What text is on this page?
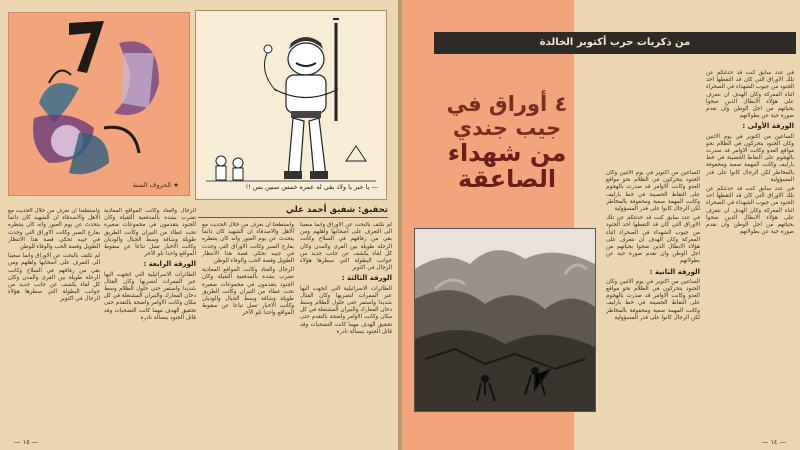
★ الحروف الستة	— يا خبر يا ولاد بقى له عمره خمس سنين بس !!
تحقيق: شفيق أحمد علي

لم نكتف بالبحث عن الاوراق وانما سعينا الى التعرف على اصحابها واهلهم ومن بقي من رفاقهم في السلاح وكانت الرحلة طويلة بين القرى والمدن وكان كل لقاء يكشف عن جانب جديد من جوانب البطولة التي سطرها هؤلاء الرجال في اكتوبر

الورقة الثالثة :

الطائرات الاسرائيلية التي اتجهت اليها عبر الممرات لتضربها وكان القتال شديدا واستمر حتى حلول الظلام وسط دخان المعارك والنيران المشتعلة في كل مكان وكانت الاوامر واضحة بالتقدم حتى تحقيق الهدف مهما كانت التضحيات وقد قاتل الجنود ببسالة نادرة

واستطعنا ان نعرف من خلال الحديث مع الاهل والاصدقاء ان الشهيد كان دائما يتحدث عن يوم العبور وانه كان ينتظره بفارغ الصبر وكانت الاوراق التي وجدت في جيبه تحكي قصة هذا الانتظار الطويل وقصة الحب والوفاء للوطن

الرجال والعتاد وكانت المواقع المعادية تضرب بشدة بالمدفعية الثقيلة وكان الجنود يتقدمون في مجموعات صغيرة تحت غطاء من النيران وكانت الطريق طويلة وشاقة وسط الجبال والوديان وكانت الاخبار تصل تباعا عن سقوط المواقع واحدا تلو الآخر

الرجال والعتاد وكانت المواقع المعادية تضرب بشدة بالمدفعية الثقيلة وكان الجنود يتقدمون في مجموعات صغيرة تحت غطاء من النيران وكانت الطريق طويلة وشاقة وسط الجبال والوديان وكانت الاخبار تصل تباعا عن سقوط المواقع واحدا تلو الآخر

الورقة الرابعة :

الطائرات الاسرائيلية التي اتجهت اليها عبر الممرات لتضربها وكان القتال شديدا واستمر حتى حلول الظلام وسط دخان المعارك والنيران المشتعلة في كل مكان وكانت الاوامر واضحة بالتقدم حتى تحقيق الهدف مهما كانت التضحيات وقد قاتل الجنود ببسالة نادرة

واستطعنا ان نعرف من خلال الحديث مع الاهل والاصدقاء ان الشهيد كان دائما يتحدث عن يوم العبور وانه كان ينتظره بفارغ الصبر وكانت الاوراق التي وجدت في جيبه تحكي قصة هذا الانتظار الطويل وقصة الحب والوفاء للوطن

لم نكتف بالبحث عن الاوراق وانما سعينا الى التعرف على اصحابها واهلهم ومن بقي من رفاقهم في السلاح وكانت الرحلة طويلة بين القرى والمدن وكان كل لقاء يكشف عن جانب جديد من جوانب البطولة التي سطرها هؤلاء الرجال في اكتوبر

— ١٥ —
من ذكريات حرب أكتوبر الخالدة
٤ أوراق في جيب جندي
من شهداء الصاعقة

في عدد سابق كنت قد حدثتكم عن تلك الاوراق التي كان قد التقطها احد الجنود من جيوب الشهداء في الصحراء اثناء المعركة وكان الهدف ان نتعرف على هؤلاء الابطال الذين ضحوا بحياتهم من اجل الوطن وان نقدم صورة حية عن بطولاتهم

الورقة الأولى :

الساعين من اكتوبر في يوم الاثنين وكان الجنود يتحركون في الظلام نحو مواقع العدو وكانت الاوامر قد صدرت بالهجوم على النقاط الحصينة في خط بارليف وكانت المهمة صعبة ومحفوفة بالمخاطر لكن الرجال كانوا على قدر المسؤولية

في عدد سابق كنت قد حدثتكم عن تلك الاوراق التي كان قد التقطها احد الجنود من جيوب الشهداء في الصحراء اثناء المعركة وكان الهدف ان نتعرف على هؤلاء الابطال الذين ضحوا بحياتهم من اجل الوطن وان نقدم صورة حية عن بطولاتهم

الساعين من اكتوبر في يوم الاثنين وكان الجنود يتحركون في الظلام نحو مواقع العدو وكانت الاوامر قد صدرت بالهجوم على النقاط الحصينة في خط بارليف وكانت المهمة صعبة ومحفوفة بالمخاطر لكن الرجال كانوا على قدر المسؤولية

في عدد سابق كنت قد حدثتكم عن تلك الاوراق التي كان قد التقطها احد الجنود من جيوب الشهداء في الصحراء اثناء المعركة وكان الهدف ان نتعرف على هؤلاء الابطال الذين ضحوا بحياتهم من اجل الوطن وان نقدم صورة حية عن بطولاتهم

الورقة الثانية :

الساعين من اكتوبر في يوم الاثنين وكان الجنود يتحركون في الظلام نحو مواقع العدو وكانت الاوامر قد صدرت بالهجوم على النقاط الحصينة في خط بارليف وكانت المهمة صعبة ومحفوفة بالمخاطر لكن الرجال كانوا على قدر المسؤولية

— ١٤ —
